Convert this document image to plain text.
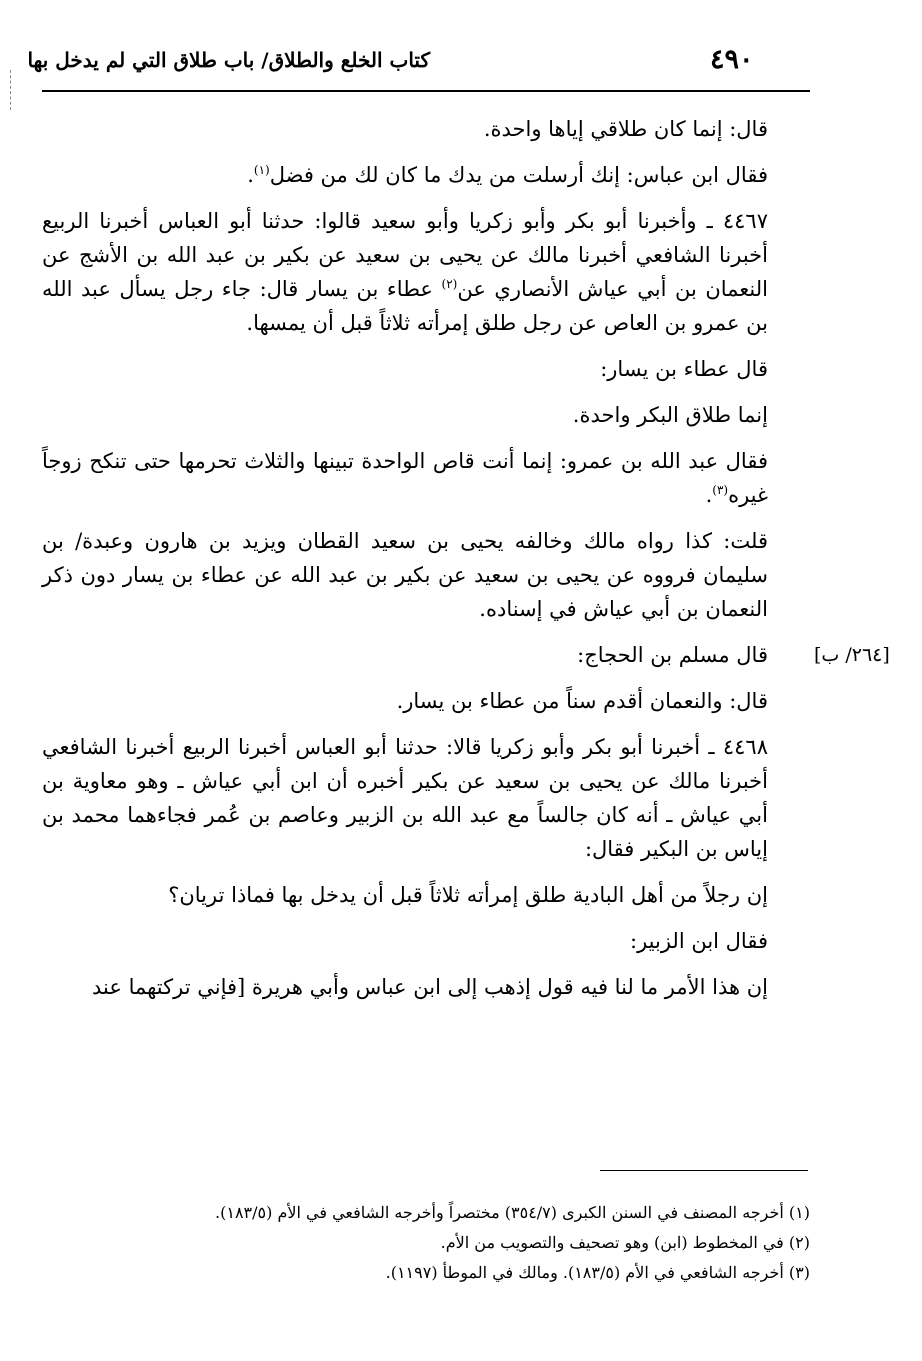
٤٩٠
كتاب الخلع والطلاق/ باب طلاق التي لم يدخل بها

قال: إنما كان طلاقي إياها واحدة.

فقال ابن عباس: إنك أرسلت من يدك ما كان لك من فضل$^{(١)}$.

٤٤٦٧ ـ وأخبرنا أبو بكر وأبو زكريا وأبو سعيد قالوا: حدثنا أبو العباس أخبرنا الربيع أخبرنا الشافعي أخبرنا مالك عن يحيى بن سعيد عن بكير بن عبد الله بن الأشج عن النعمان بن أبي عياش الأنصاري عن$^{(٢)}$ عطاء بن يسار قال: جاء رجل يسأل عبد الله بن عمرو بن العاص عن رجل طلق إمرأته ثلاثاً قبل أن يمسها.

قال عطاء بن يسار:

إنما طلاق البكر واحدة.

فقال عبد الله بن عمرو: إنما أنت قاص الواحدة تبينها والثلاث تحرمها حتى تنكح زوجاً غيره$^{(٣)}$.

قلت: كذا رواه مالك وخالفه يحيى بن سعيد القطان ويزيد بن هارون وعبدة/ بن سليمان فرووه عن يحيى بن سعيد عن بكير بن عبد الله عن عطاء بن يسار دون ذكر النعمان بن أبي عياش في إسناده.

قال مسلم بن الحجاج:

قال: والنعمان أقدم سناً من عطاء بن يسار.

٤٤٦٨ ـ أخبرنا أبو بكر وأبو زكريا قالا: حدثنا أبو العباس أخبرنا الربيع أخبرنا الشافعي أخبرنا مالك عن يحيى بن سعيد عن بكير أخبره أن ابن أبي عياش ـ وهو معاوية بن أبي عياش ـ أنه كان جالساً مع عبد الله بن الزبير وعاصم بن عُمر فجاءهما محمد بن إياس بن البكير فقال:

إن رجلاً من أهل البادية طلق إمرأته ثلاثاً قبل أن يدخل بها فماذا تريان؟

فقال ابن الزبير:

إن هذا الأمر ما لنا فيه قول إذهب إلى ابن عباس وأبي هريرة [فإني تركتهما عند

[٢٦٤/ ب]
(١) أخرجه المصنف في السنن الكبرى (٣٥٤/٧) مختصراً وأخرجه الشافعي في الأم (١٨٣/٥).
(٢) في المخطوط (ابن) وهو تصحيف والتصويب من الأم.
(٣) أخرجه الشافعي في الأم (١٨٣/٥). ومالك في الموطأ (١١٩٧).
